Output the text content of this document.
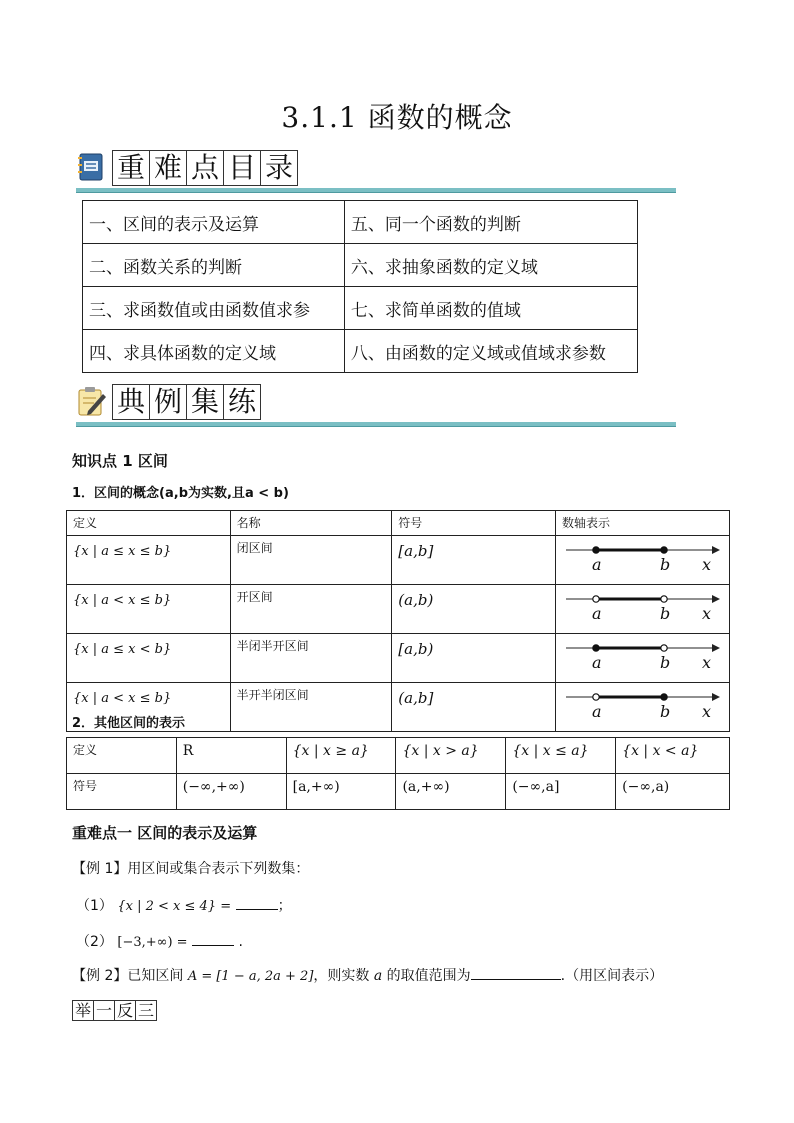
3.1.1 函数的概念
重 难 点 目 录
一、区间的表示及运算	五、同一个函数的判断
二、函数关系的判断	六、求抽象函数的定义域
三、求函数值或由函数值求参	七、求简单函数的值域
四、求具体函数的定义域	八、由函数的定义域或值域求参数
典 例 集 练
知识点 1 区间
1．区间的概念(a,b为实数,且a < b)
定义	名称	符号	数轴表示
{x | a ≤ x ≤ b}	闭区间	[a,b]	a b x

{x | a < x ≤ b}	开区间	(a,b)	a b x

{x | a ≤ x < b}	半闭半开区间	[a,b)	a b x

{x | a < x ≤ b}	半开半闭区间	(a,b]	a b x
2．其他区间的表示
定义	R	{x | x ≥ a}	{x | x > a}	{x | x ≤ a}	{x | x < a}
符号	(−∞,+∞)	[a,+∞)	(a,+∞)	(−∞,a]	(−∞,a)
重难点一 区间的表示及运算
【例 1】用区间或集合表示下列数集：
（1） {x | 2 < x ≤ 4} =	；
（2） [−3,+∞) =	.
【例 2】已知区间 A = [1 − a, 2a + 2]，则实数 a 的取值范围为	.（用区间表示）
举 一 反 三
